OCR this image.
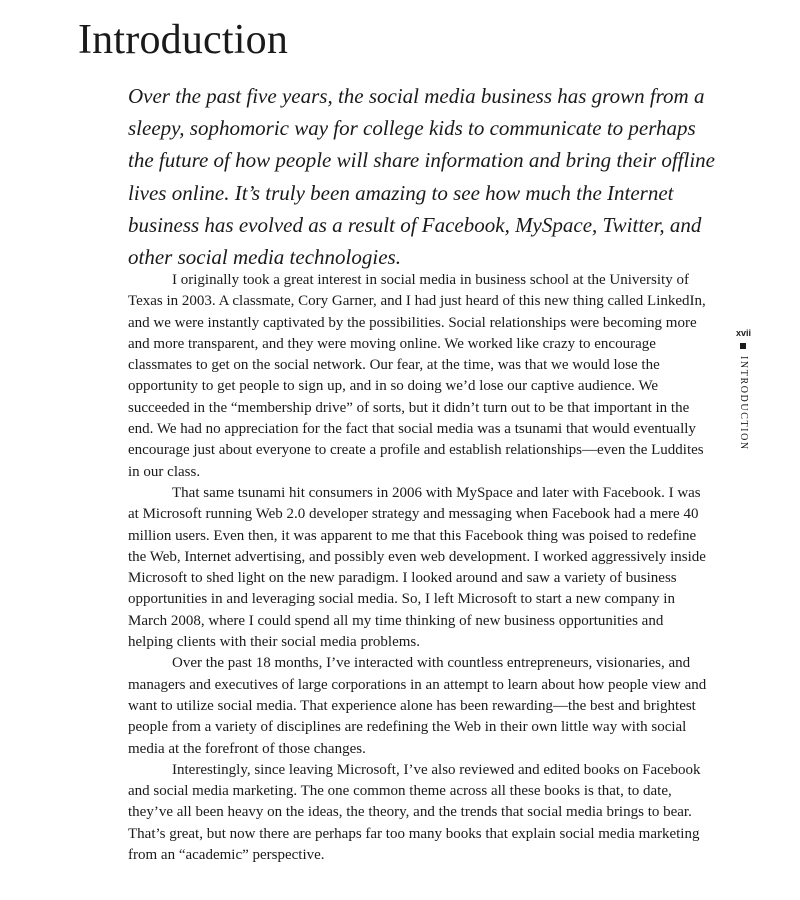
Introduction

Over the past five years, the social media business has grown from a sleepy, sophomoric way for college kids to communicate to perhaps the future of how people will share information and bring their offline lives online. It’s truly been amazing to see how much the Internet business has evolved as a result of Facebook, MySpace, Twitter, and other social media technologies.

I originally took a great interest in social media in business school at the University of Texas in 2003. A classmate, Cory Garner, and I had just heard of this new thing called LinkedIn, and we were instantly captivated by the possibilities. Social relationships were becoming more and more transparent, and they were moving online. We worked like crazy to encourage classmates to get on the social network. Our fear, at the time, was that we would lose the opportunity to get people to sign up, and in so doing we’d lose our captive audience. We succeeded in the “membership drive” of sorts, but it didn’t turn out to be that important in the end. We had no appreciation for the fact that social media was a tsunami that would eventually encourage just about everyone to create a profile and establish relationships—even the Luddites in our class.

That same tsunami hit consumers in 2006 with MySpace and later with Facebook. I was at Microsoft running Web 2.0 developer strategy and messaging when Facebook had a mere 40 million users. Even then, it was apparent to me that this Facebook thing was poised to redefine the Web, Internet advertising, and possibly even web development. I worked aggressively inside Microsoft to shed light on the new paradigm. I looked around and saw a variety of business opportunities in and leveraging social media. So, I left Microsoft to start a new company in March 2008, where I could spend all my time thinking of new business opportunities and helping clients with their social media problems.

Over the past 18 months, I’ve interacted with countless entrepreneurs, visionaries, and managers and executives of large corporations in an attempt to learn about how people view and want to utilize social media. That experience alone has been rewarding—the best and brightest people from a variety of disciplines are redefining the Web in their own little way with social media at the forefront of those changes.

Interestingly, since leaving Microsoft, I’ve also reviewed and edited books on Facebook and social media marketing. The one common theme across all these books is that, to date, they’ve all been heavy on the ideas, the theory, and the trends that social media brings to bear. That’s great, but now there are perhaps far too many books that explain social media marketing from an “academic” perspective.

xvii
INTRODUCTION
